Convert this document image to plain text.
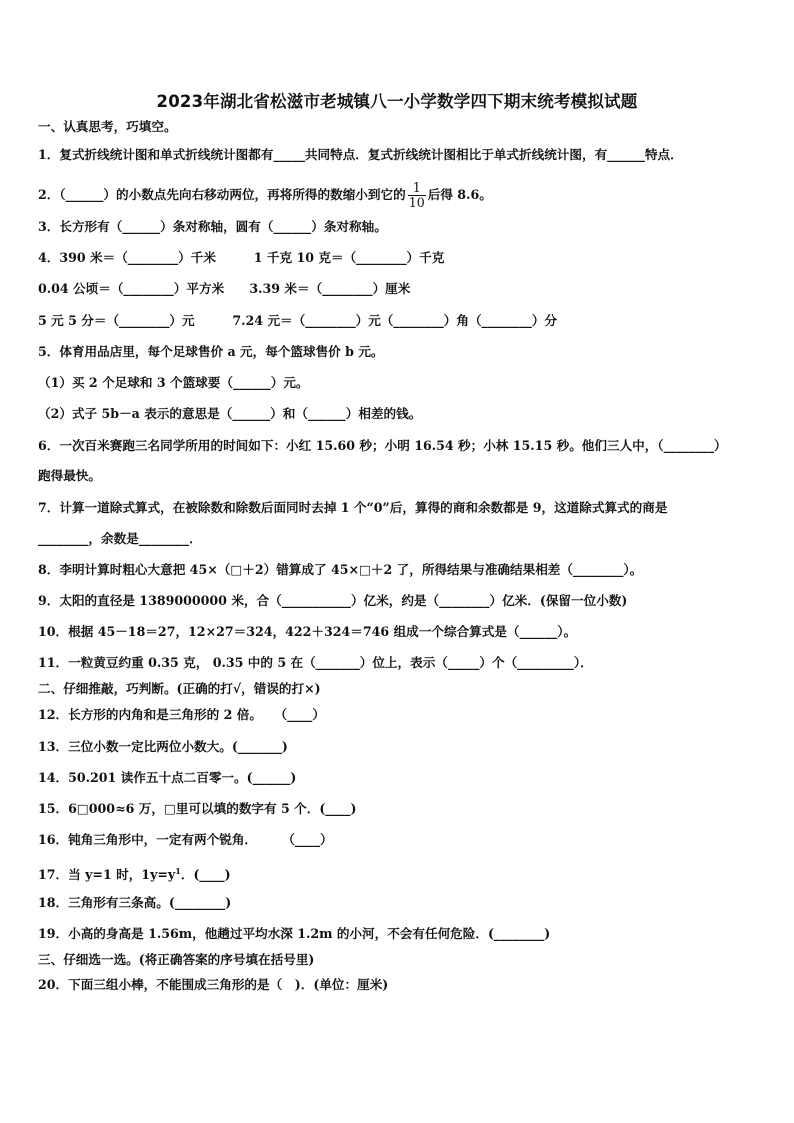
2023年湖北省松滋市老城镇八一小学数学四下期末统考模拟试题
一、认真思考，巧填空。
1．复式折线统计图和单式折线统计图都有_____共同特点．复式折线统计图相比于单式折线统计图，有______特点．
2．（______）的小数点先向右移动两位，再将所得的数缩小到它的 $\frac{1}{10}$ 后得 8.6。
3．长方形有（______）条对称轴，圆有（______）条对称轴。
4．390 米＝（________）千米　　　1 千克 10 克＝（________）千克
0.04 公顷＝（________）平方米　　3.39 米＝（________）厘米
5 元 5 分＝（________）元　　　7.24 元＝（________）元（________）角（________）分
5．体育用品店里，每个足球售价 a 元，每个篮球售价 b 元。
（1）买 2 个足球和 3 个篮球要（______）元。
（2）式子 5b－a 表示的意思是（______）和（______）相差的钱。
6．一次百米赛跑三名同学所用的时间如下：小红 15.60 秒；小明 16.54 秒；小林 15.15 秒。他们三人中，（________）
跑得最快。
7．计算一道除式算式，在被除数和除数后面同时去掉 1 个“0”后，算得的商和余数都是 9，这道除式算式的商是
________，余数是________．
8．李明计算时粗心大意把 45×（□＋2）错算成了 45×□＋2 了，所得结果与准确结果相差（________）。
9．太阳的直径是 1389000000 米，合（___________）亿米，约是（________）亿米．(保留一位小数)
10．根据 45－18＝27，12×27＝324，422＋324＝746 组成一个综合算式是（______）。
11．一粒黄豆约重 0.35 克， 0.35 中的 5 在（_______）位上，表示（_____）个（_________）．
二、仔细推敲，巧判断。(正确的打√，错误的打×)
12．长方形的内角和是三角形的 2 倍。　　（____）
13．三位小数一定比两位小数大。(_______)
14．50.201 读作五十点二百零一。(______)
15．6□000≈6 万，□里可以填的数字有 5 个．(____)
16．钝角三角形中，一定有两个锐角．　　　（____）
17．当 y=1 时，$1y=y^1$．(____)
18．三角形有三条高。(________)
19．小高的身高是 1.56m，他趟过平均水深 1.2m 的小河，不会有任何危险．(________)
三、仔细选一选。(将正确答案的序号填在括号里)
20．下面三组小棒，不能围成三角形的是（　)．(单位：厘米)
